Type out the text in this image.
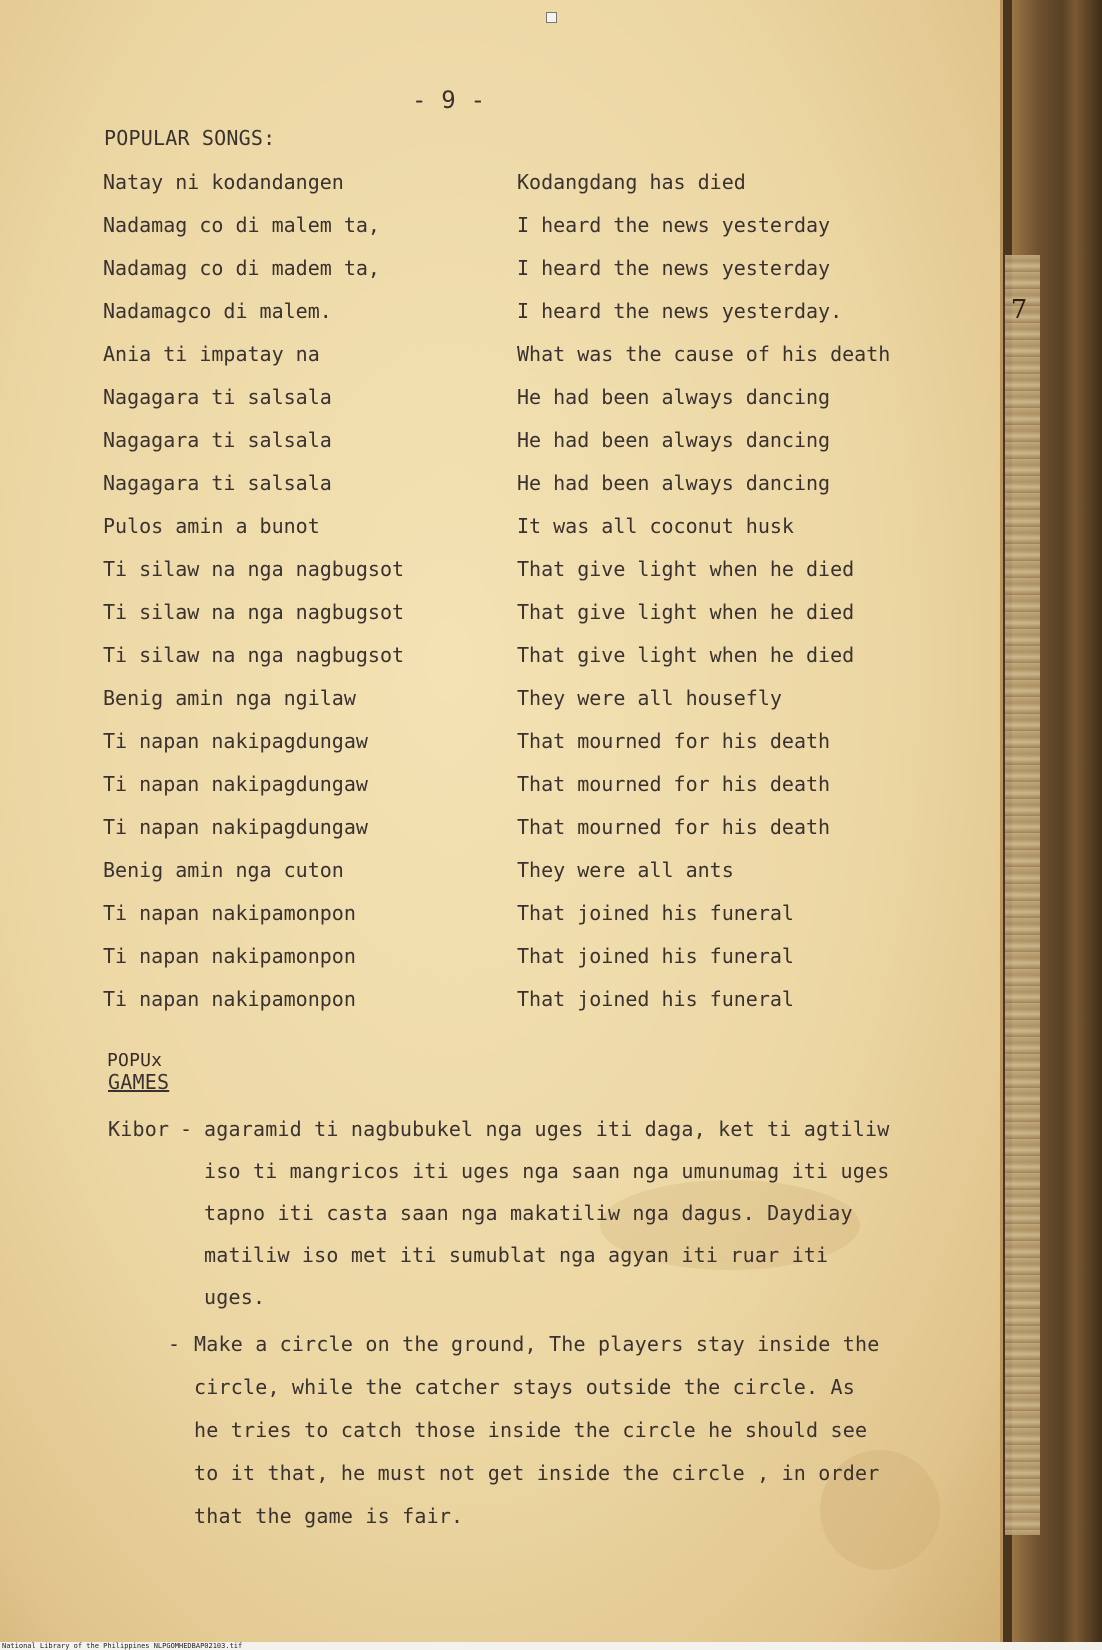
- 9 -
POPULAR SONGS:
Natay ni kodandangen	Kodangdang has died
Nadamag co di malem ta,	I heard the news yesterday
Nadamag co di madem ta,	I heard the news yesterday
Nadamagco di malem.	I heard the news yesterday.
Ania ti impatay na	What was the cause of his death
Nagagara ti salsala	He had been always dancing
Nagagara ti salsala	He had been always dancing
Nagagara ti salsala	He had been always dancing
Pulos amin a bunot	It was all coconut husk
Ti silaw na nga nagbugsot	That give light when he died
Ti silaw na nga nagbugsot	That give light when he died
Ti silaw na nga nagbugsot	That give light when he died
Benig amin nga ngilaw	They were all housefly
Ti napan nakipagdungaw	That mourned for his death
Ti napan nakipagdungaw	That mourned for his death
Ti napan nakipagdungaw	That mourned for his death
Benig amin nga cuton	They were all ants
Ti napan nakipamonpon	That joined his funeral
Ti napan nakipamonpon	That joined his funeral
Ti napan nakipamonpon	That joined his funeral
POPUx
GAMES
Kibor - agaramid ti nagbubukel nga uges iti daga, ket ti agtiliw
iso ti mangricos iti uges nga saan nga umunumag iti uges
tapno iti casta saan nga makatiliw nga dagus. Daydiay
matiliw iso met iti sumublat nga agyan iti ruar iti
uges.
- Make a circle on the ground, The players stay inside the
circle, while the catcher stays outside the circle. As
he tries to catch those inside the circle he should see
to it that, he must not get inside the circle , in order
that the game is fair.
7
National Library of the Philippines NLPGOMHEDBAP02103.tif
